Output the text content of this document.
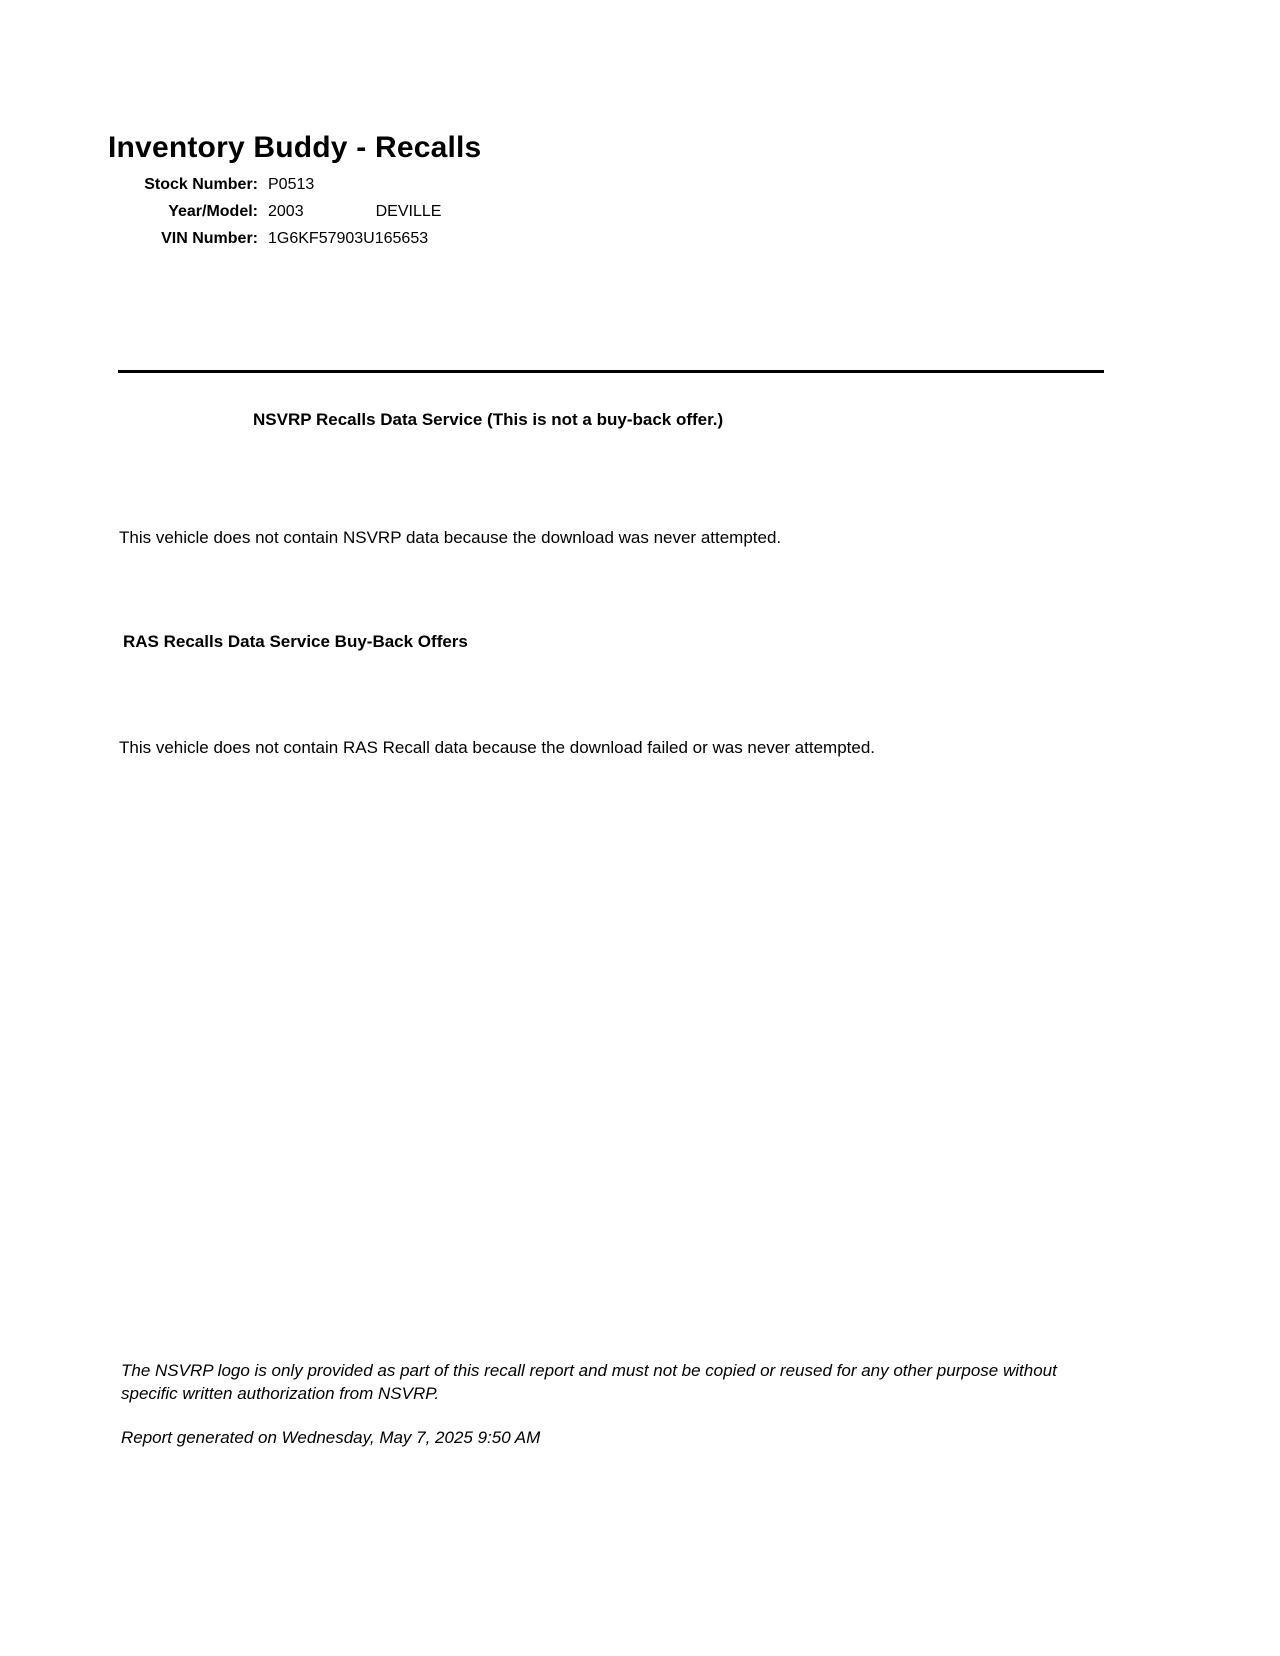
Inventory Buddy - Recalls
Stock Number: P0513
Year/Model: 2003	DEVILLE
VIN Number: 1G6KF57903U165653
NSVRP Recalls Data Service (This is not a buy-back offer.)
This vehicle does not contain NSVRP data because the download was never attempted.
RAS Recalls Data Service Buy-Back Offers
This vehicle does not contain RAS Recall data because the download failed or was never attempted.
The NSVRP logo is only provided as part of this recall report and must not be copied or reused for any other purpose without specific written authorization from NSVRP.
Report generated on Wednesday, May 7, 2025 9:50 AM
